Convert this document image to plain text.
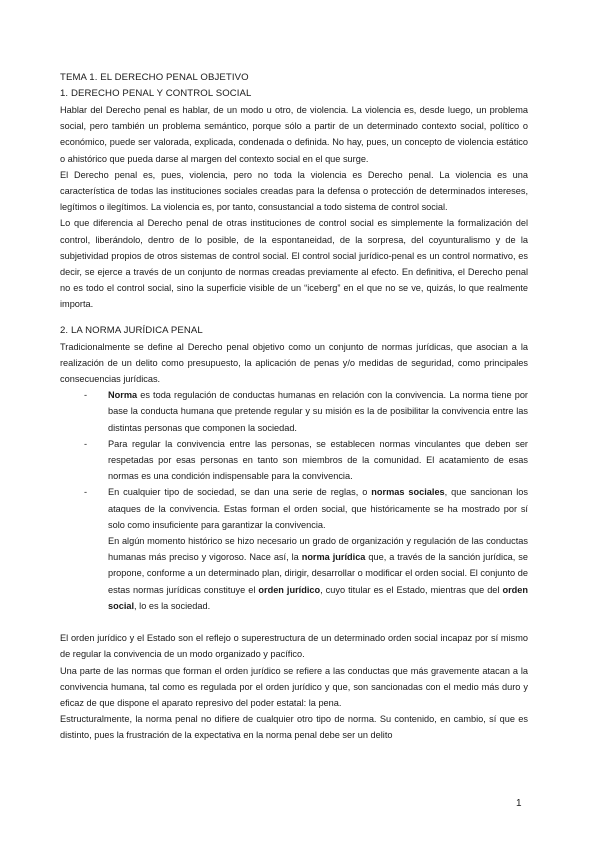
TEMA 1. EL DERECHO PENAL OBJETIVO
1. DERECHO PENAL Y CONTROL SOCIAL

Hablar del Derecho penal es hablar, de un modo u otro, de violencia. La violencia es, desde luego, un problema social, pero también un problema semántico, porque sólo a partir de un determinado contexto social, político o económico, puede ser valorada, explicada, condenada o definida. No hay, pues, un concepto de violencia estático o ahistórico que pueda darse al margen del contexto social en el que surge.

El Derecho penal es, pues, violencia, pero no toda la violencia es Derecho penal. La violencia es una característica de todas las instituciones sociales creadas para la defensa o protección de determinados intereses, legítimos o ilegítimos. La violencia es, por tanto, consustancial a todo sistema de control social.

Lo que diferencia al Derecho penal de otras instituciones de control social es simplemente la formalización del control, liberándolo, dentro de lo posible, de la espontaneidad, de la sorpresa, del coyunturalismo y de la subjetividad propios de otros sistemas de control social. El control social jurídico-penal es un control normativo, es decir, se ejerce a través de un conjunto de normas creadas previamente al efecto. En definitiva, el Derecho penal no es todo el control social, sino la superficie visible de un “iceberg” en el que no se ve, quizás, lo que realmente importa.

2. LA NORMA JURÍDICA PENAL

Tradicionalmente se define al Derecho penal objetivo como un conjunto de normas jurídicas, que asocian a la realización de un delito como presupuesto, la aplicación de penas y/o medidas de seguridad, como principales consecuencias jurídicas.

- Norma es toda regulación de conductas humanas en relación con la convivencia. La norma tiene por base la conducta humana que pretende regular y su misión es la de posibilitar la convivencia entre las distintas personas que componen la sociedad.
- Para regular la convivencia entre las personas, se establecen normas vinculantes que deben ser respetadas por esas personas en tanto son miembros de la comunidad. El acatamiento de esas normas es una condición indispensable para la convivencia.
- En cualquier tipo de sociedad, se dan una serie de reglas, o normas sociales, que sancionan los ataques de la convivencia. Estas forman el orden social, que históricamente se ha mostrado por sí solo como insuficiente para garantizar la convivencia.

En algún momento histórico se hizo necesario un grado de organización y regulación de las conductas humanas más preciso y vigoroso. Nace así, la norma jurídica que, a través de la sanción jurídica, se propone, conforme a un determinado plan, dirigir, desarrollar o modificar el orden social. El conjunto de estas normas jurídicas constituye el orden jurídico, cuyo titular es el Estado, mientras que del orden social, lo es la sociedad.

El orden jurídico y el Estado son el reflejo o superestructura de un determinado orden social incapaz por sí mismo de regular la convivencia de un modo organizado y pacífico.

Una parte de las normas que forman el orden jurídico se refiere a las conductas que más gravemente atacan a la convivencia humana, tal como es regulada por el orden jurídico y que, son sancionadas con el medio más duro y eficaz de que dispone el aparato represivo del poder estatal: la pena.

Estructuralmente, la norma penal no difiere de cualquier otro tipo de norma. Su contenido, en cambio, sí que es distinto, pues la frustración de la expectativa en la norma penal debe ser un delito

1
